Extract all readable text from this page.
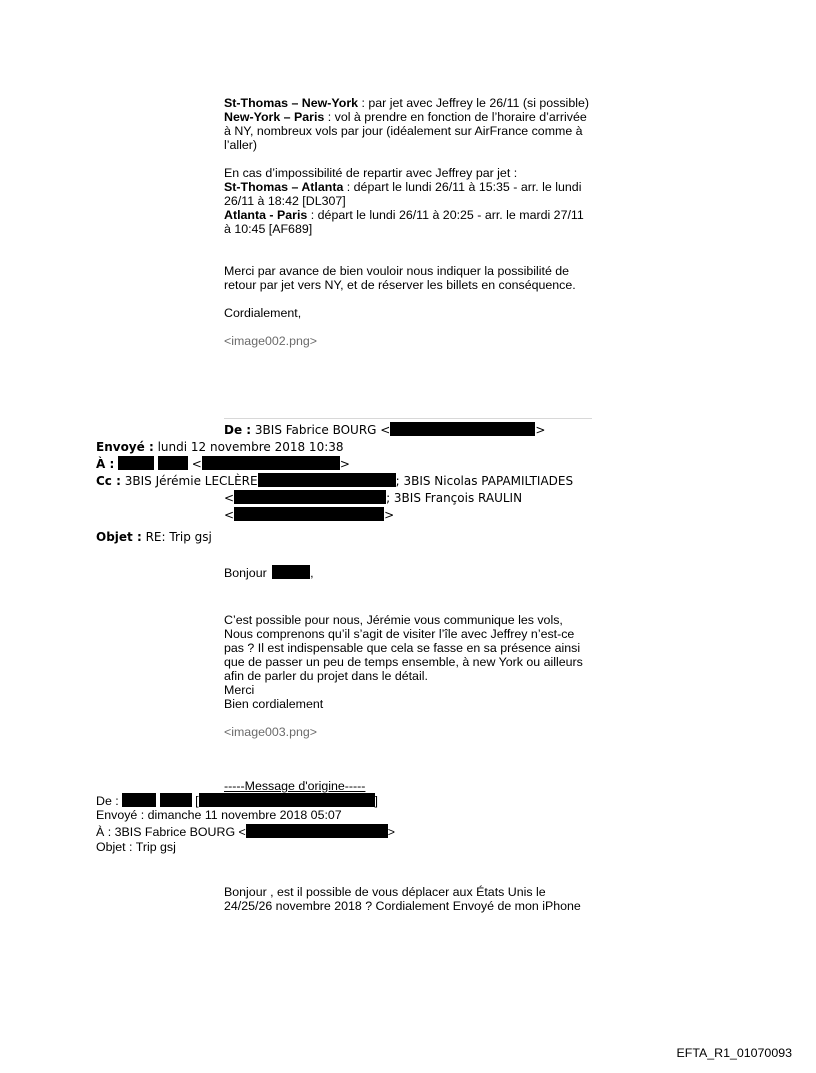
St-Thomas – New-York : par jet avec Jeffrey le 26/11 (si possible)

New-York – Paris : vol à prendre en fonction de l’horaire d’arrivée à NY, nombreux vols par jour (idéalement sur AirFrance comme à l’aller)

En cas d’impossibilité de repartir avec Jeffrey par jet :

St-Thomas – Atlanta : départ le lundi 26/11 à 15:35 - arr. le lundi 26/11 à 18:42 [DL307]

Atlanta - Paris : départ le lundi 26/11 à 20:25 - arr. le mardi 27/11 à 10:45 [AF689]

Merci par avance de bien vouloir nous indiquer la possibilité de retour par jet vers NY, et de réserver les billets en conséquence.

Cordialement,

<image002.png>

De : 3BIS Fabrice BOURG <	>
Envoyé : lundi 12 novembre 2018 10:38
À :	<	>
Cc : 3BIS Jérémie LECLÈRE	; 3BIS Nicolas PAPAMILTIADES
<	; 3BIS François RAULIN
<	>
Objet : RE: Trip gsj
Bonjour	,

C’est possible pour nous, Jérémie vous communique les vols, Nous comprenons qu’il s’agit de visiter l’île avec Jeffrey n’est-ce pas ? Il est indispensable que cela se fasse en sa présence ainsi que de passer un peu de temps ensemble, à new York ou ailleurs afin de parler du projet dans le détail.

Merci

Bien cordialement

<image003.png>

-----Message d'origine-----
De :	[	]
Envoyé : dimanche 11 novembre 2018 05:07
À : 3BIS Fabrice BOURG <	>
Objet : Trip gsj

Bonjour , est il possible de vous déplacer aux États Unis le 24/25/26 novembre 2018 ? Cordialement Envoyé de mon iPhone

EFTA_R1_01070093
